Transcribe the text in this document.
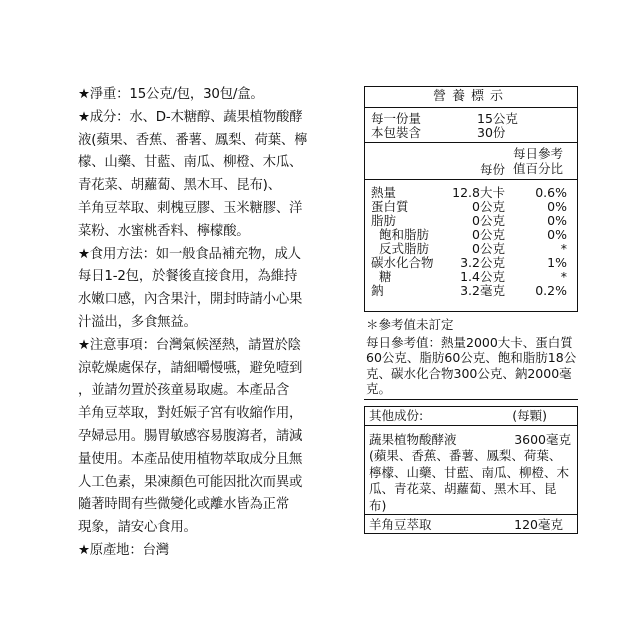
★淨重：15公克/包，30包/盒。
★成分：水、D-木糖醇、蔬果植物酸酵
液(蘋果、香蕉、番薯、鳳梨、荷葉、檸
檬、山藥、甘藍、南瓜、柳橙、木瓜、
青花菜、胡蘿蔔、黑木耳、昆布)、
羊角豆萃取、刺槐豆膠、玉米糖膠、洋
菜粉、水蜜桃香料、檸檬酸。
★食用方法：如一般食品補充物，成人
每日1-2包，於餐後直接食用，為維持
水嫩口感，內含果汁，開封時請小心果
汁溢出，多食無益。
★注意事項：台灣氣候溼熱，請置於陰
涼乾燥處保存，請細嚼慢嚥，避免噎到
，並請勿置於孩童易取處。本產品含
羊角豆萃取，對妊娠子宮有收縮作用，
孕婦忌用。腸胃敏感容易腹瀉者，請減
量使用。本產品使用植物萃取成分且無
人工色素，果凍顏色可能因批次而異或
隨著時間有些微變化或離水皆為正常
現象，請安心食用。
★原產地：台灣
營養標示
每一份量	15公克
本包裝含	30份
每份
每日參考
值百分比
熱量	12.8大卡 0.6%
蛋白質	0公克	0%
脂肪	0公克	0%
飽和脂肪	0公克	0%
反式脂肪	0公克	*
碳水化合物 3.2公克	1%
糖	1.4公克	*
鈉	3.2毫克 0.2%
＊參考值未訂定
每日參考值：熱量2000大卡、蛋白質60公克、脂肪60公克、飽和脂肪18公克、碳水化合物300公克、鈉2000毫克。
其他成份:	(每顆)
蔬果植物酸酵液	3600毫克
(蘋果、香蕉、番薯、鳳梨、荷葉、檸檬、山藥、甘藍、南瓜、柳橙、木瓜、青花菜、胡蘿蔔、黑木耳、昆布)
羊角豆萃取	120毫克
